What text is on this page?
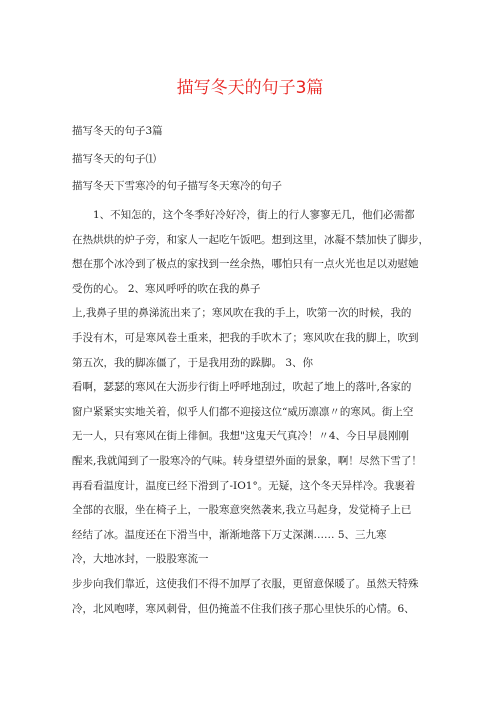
描写冬天的句子3篇
描写冬天的句子3篇
描写冬天的句子⑴
描写冬天下雪寒冷的句子描写冬天寒冷的句子
1、不知怎的，这个冬季好冷好冷，街上的行人寥寥无几，他们必需都
在热烘烘的炉子旁，和家人一起吃午饭吧。想到这里，冰凝不禁加快了脚步，
想在那个冰冷到了极点的家找到一丝余热，哪怕只有一点火光也足以劝慰她
受伤的心。 2、寒风呼呼的吹在我的鼻子
上,我鼻子里的鼻涕流出来了；寒风吹在我的手上，吹第一次的时候，我的
手没有木，可是寒风卷土重来，把我的手吹木了；寒风吹在我的脚上，吹到
第五次，我的脚冻僵了，于是我用劲的跺脚。 3、你
看啊，瑟瑟的寒风在大沥步行街上呼呼地刮过，吹起了地上的落叶,各家的
窗户紧紧实实地关着，似乎人们都不迎接这位“威历凛凛〃的寒风。街上空
无一人，只有寒风在街上徘徊。我想"这鬼天气真冷！〃4、今日早晨刚刚
醒来,我就闻到了一股寒冷的气味。转身望望外面的景象，啊！尽然下雪了！
再看看温度计，温度已经下滑到了-IO1°。无疑，这个冬天异样冷。我裹着
全部的衣服，坐在椅子上，一股寒意突然袭来,我立马起身，发觉椅子上已
经结了冰。温度还在下滑当中，渐渐地落下万丈深渊…… 5、三九寒
冷，大地冰封，一股股寒流一
步步向我们靠近，这使我们不得不加厚了衣服，更留意保暖了。虽然天特殊
冷，北风咆哮，寒风刺骨，但仍掩盖不住我们孩子那心里快乐的心情。6、
